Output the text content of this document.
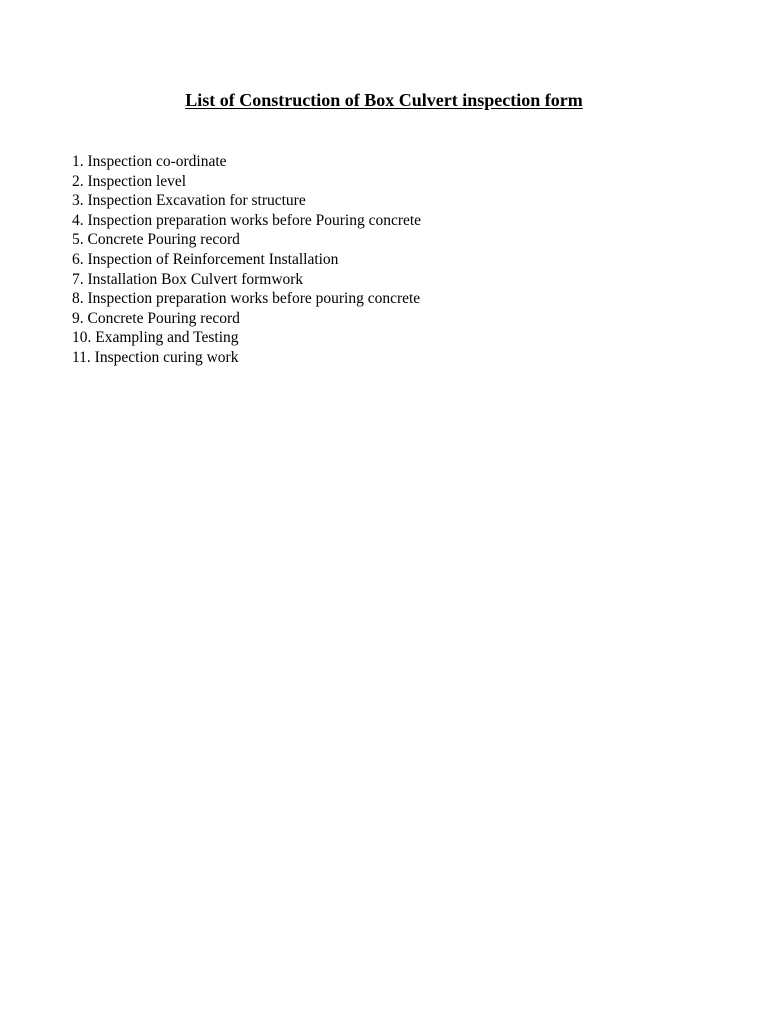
List of Construction of Box Culvert inspection form
1. Inspection co-ordinate
2. Inspection level
3. Inspection Excavation for structure
4. Inspection preparation works before Pouring concrete
5. Concrete Pouring record
6. Inspection of Reinforcement Installation
7. Installation Box Culvert formwork
8. Inspection preparation works before pouring concrete
9. Concrete Pouring record
10. Exampling and Testing
11. Inspection curing work
